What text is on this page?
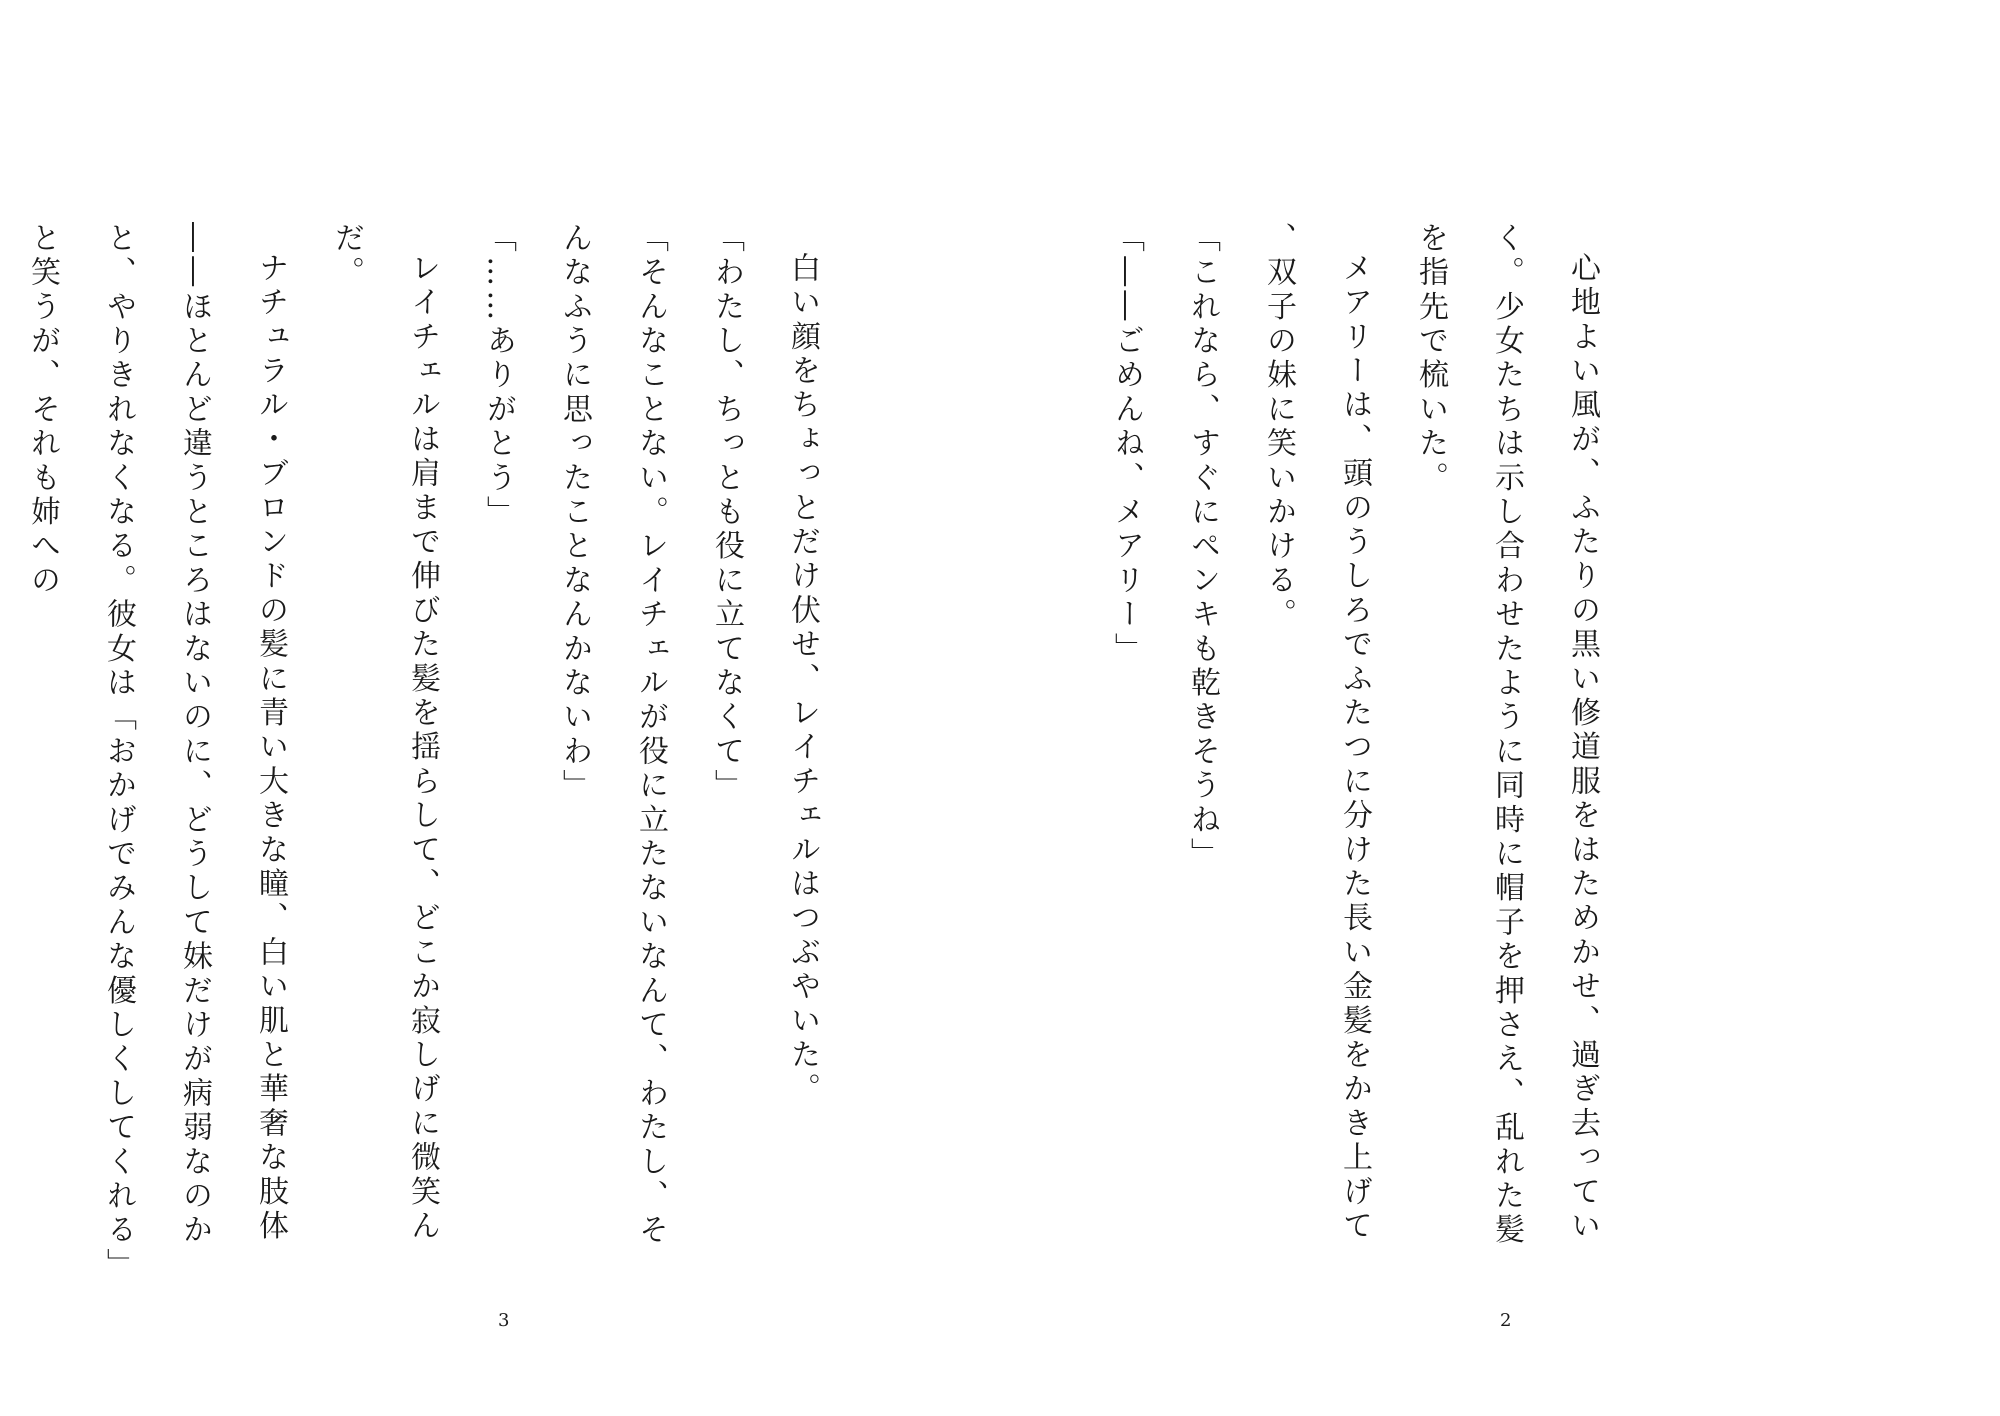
心地よい風が、ふたりの黒い修道服をはためかせ、過ぎ去っていく。少女たちは示し合わせたように同時に帽子を押さえ、乱れた髪を指先で梳いた。

メアリーは、頭のうしろでふたつに分けた長い金髪をかき上げて、双子の妹に笑いかける。

「これなら、すぐにペンキも乾きそうね」

「――ごめんね、メアリー」

2

白い顔をちょっとだけ伏せ、レイチェルはつぶやいた。

「わたし、ちっとも役に立てなくて」

「そんなことない。レイチェルが役に立たないなんて、わたし、そんなふうに思ったことなんかないわ」

「……ありがとう」

レイチェルは肩まで伸びた髪を揺らして、どこか寂しげに微笑んだ。

ナチュラル・ブロンドの髪に青い大きな瞳、白い肌と華奢な肢体――ほとんど違うところはないのに、どうして妹だけが病弱なのかと、やりきれなくなる。彼女は「おかげでみんな優しくしてくれる」と笑うが、それも姉への

3
